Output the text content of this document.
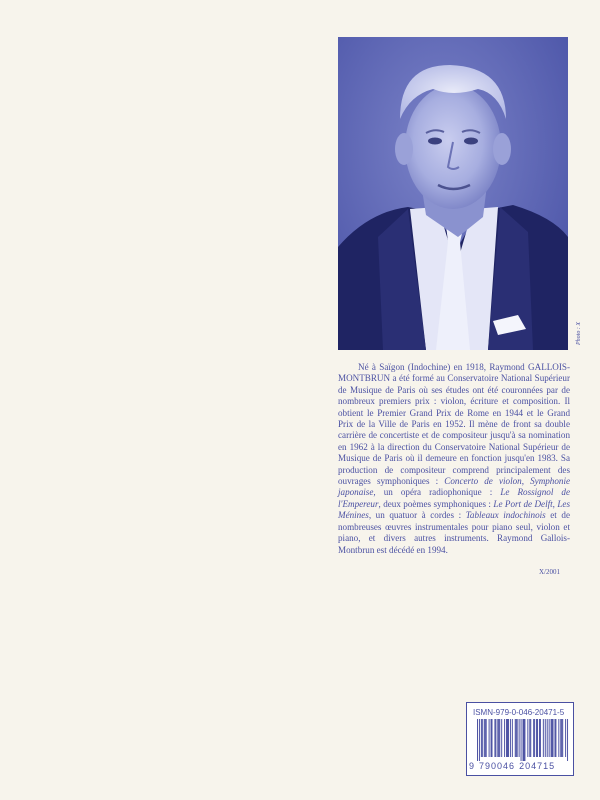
Photo : X

Né à Saïgon (Indochine) en 1918, Raymond GALLOIS-MONTBRUN a été formé au Conservatoire National Supérieur de Musique de Paris où ses études ont été couronnées par de nombreux premiers prix : violon, écriture et composition. Il obtient le Premier Grand Prix de Rome en 1944 et le Grand Prix de la Ville de Paris en 1952. Il mène de front sa double carrière de concertiste et de compositeur jusqu'à sa nomination en 1962 à la direction du Conservatoire National Supérieur de Musique de Paris où il demeure en fonction jusqu'en 1983. Sa production de compositeur comprend principalement des ouvrages symphoniques : Concerto de violon, Symphonie japonaise, un opéra radiophonique : Le Rossignol de l'Empereur, deux poèmes symphoniques : Le Port de Delft, Les Ménines, un quatuor à cordes : Tableaux indochinois et de nombreuses œuvres instrumentales pour piano seul, violon et piano, et divers autres instruments. Raymond Gallois-Montbrun est décédé en 1994.

X/2001
ISMN-979-0-046-20471-5
9 790046 204715
